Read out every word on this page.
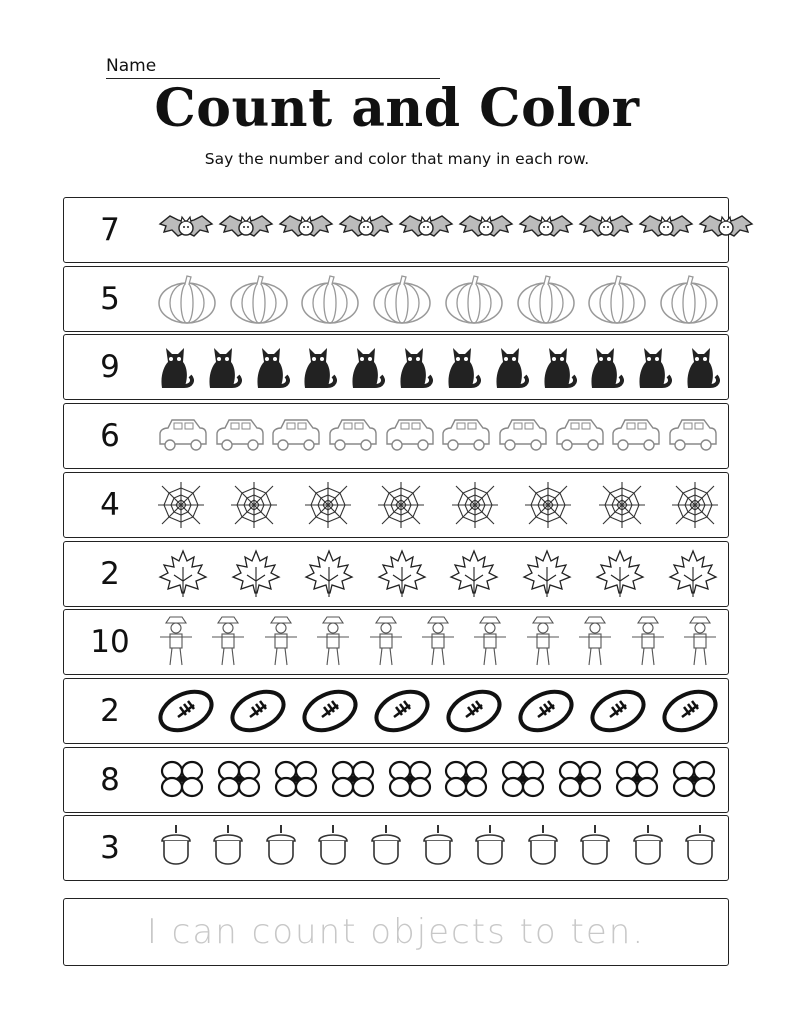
Name
Count and Color
Say the number and color that many in each row.
7
5
9
6
4
2
10
2
8
3
I can count objects to ten.
